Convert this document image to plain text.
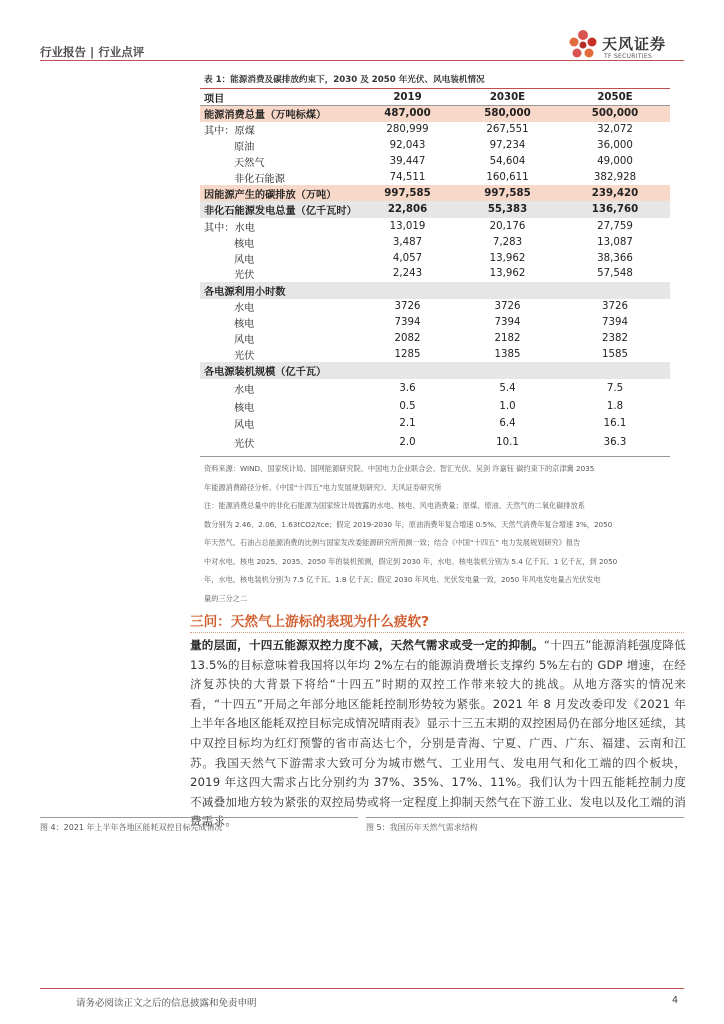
行业报告 | 行业点评	天风证券
TF SECURITIES
表 1：能源消费及碳排放约束下，2030 及 2050 年光伏、风电装机情况
项目	2019	2030E	2050E
能源消费总量（万吨标煤）	487,000	580,000	500,000
其中：原煤	280,999	267,551	32,072
原油	92,043	97,234	36,000
天然气	39,447	54,604	49,000
非化石能源	74,511	160,611	382,928
因能源产生的碳排放（万吨）	997,585	997,585	239,420
非化石能源发电总量（亿千瓦时）	22,806	55,383	136,760
其中：水电	13,019	20,176	27,759
核电	3,487	7,283	13,087
风电	4,057	13,962	38,366
光伏	2,243	13,962	57,548
各电源利用小时数			
水电	3726	3726	3726
核电	7394	7394	7394
风电	2082	2182	2382
光伏	1285	1385	1585
各电源装机规模（亿千瓦）			
水电	3.6	5.4	7.5
核电	0.5	1.0	1.8
风电	2.1	6.4	16.1
光伏	2.0	10.1	36.3

资料来源：WIND、国家统计局、国网能源研究院、中国电力企业联合会、智汇光伏、吴剑 许嘉钰 碳约束下的京津冀 2035

年能源消费路径分析、《中国“十四五”电力发展规划研究》、天风证券研究所

注：能源消费总量中的非化石能源为国家统计局披露的水电、核电、风电消费量；原煤、原油、天然气的二氧化碳排放系

数分别为 2.46、2.06、1.63tCO2/tce；假定 2019-2030 年，原油消费年复合增速 0.5%、天然气消费年复合增速 3%，2050

年天然气、石油占总能源消费的比例与国家发改委能源研究所预测一致；结合《中国“十四五” 电力发展规划研究》报告

中对水电、核电 2025、2035、2050 年的装机预测，假定到 2030 年，水电、核电装机分别为 5.4 亿千瓦、1 亿千瓦，到 2050

年，水电、核电装机分别为 7.5 亿千瓦、1.8 亿千瓦；假定 2030 年风电、光伏发电量一致，2050 年风电发电量占光伏发电

量的三分之二

三问：天然气上游标的表现为什么疲软?
量的层面，十四五能源双控力度不减，天然气需求或受一定的抑制。“十四五”能源消耗强度降低 13.5%的目标意味着我国将以年均 2%左右的能源消费增长支撑约 5%左右的 GDP 增速，在经济复苏快的大背景下将给“十四五”时期的双控工作带来较大的挑战。从地方落实的情况来看，“十四五”开局之年部分地区能耗控制形势较为紧张。2021 年 8 月发改委印发《2021 年上半年各地区能耗双控目标完成情况晴雨表》显示十三五末期的双控困局仍在部分地区延续，其中双控目标均为红灯预警的省市高达七个，分别是青海、宁夏、广西、广东、福建、云南和江苏。我国天然气下游需求大致可分为城市燃气、工业用气、发电用气和化工端的四个板块，2019 年这四大需求占比分别约为 37%、35%、17%、11%。我们认为十四五能耗控制力度不减叠加地方较为紧张的双控局势或将一定程度上抑制天然气在下游工业、发电以及化工端的消费需求。
图 4：2021 年上半年各地区能耗双控目标完成情况	图 5：我国历年天然气需求结构
请务必阅读正文之后的信息披露和免责申明	4
